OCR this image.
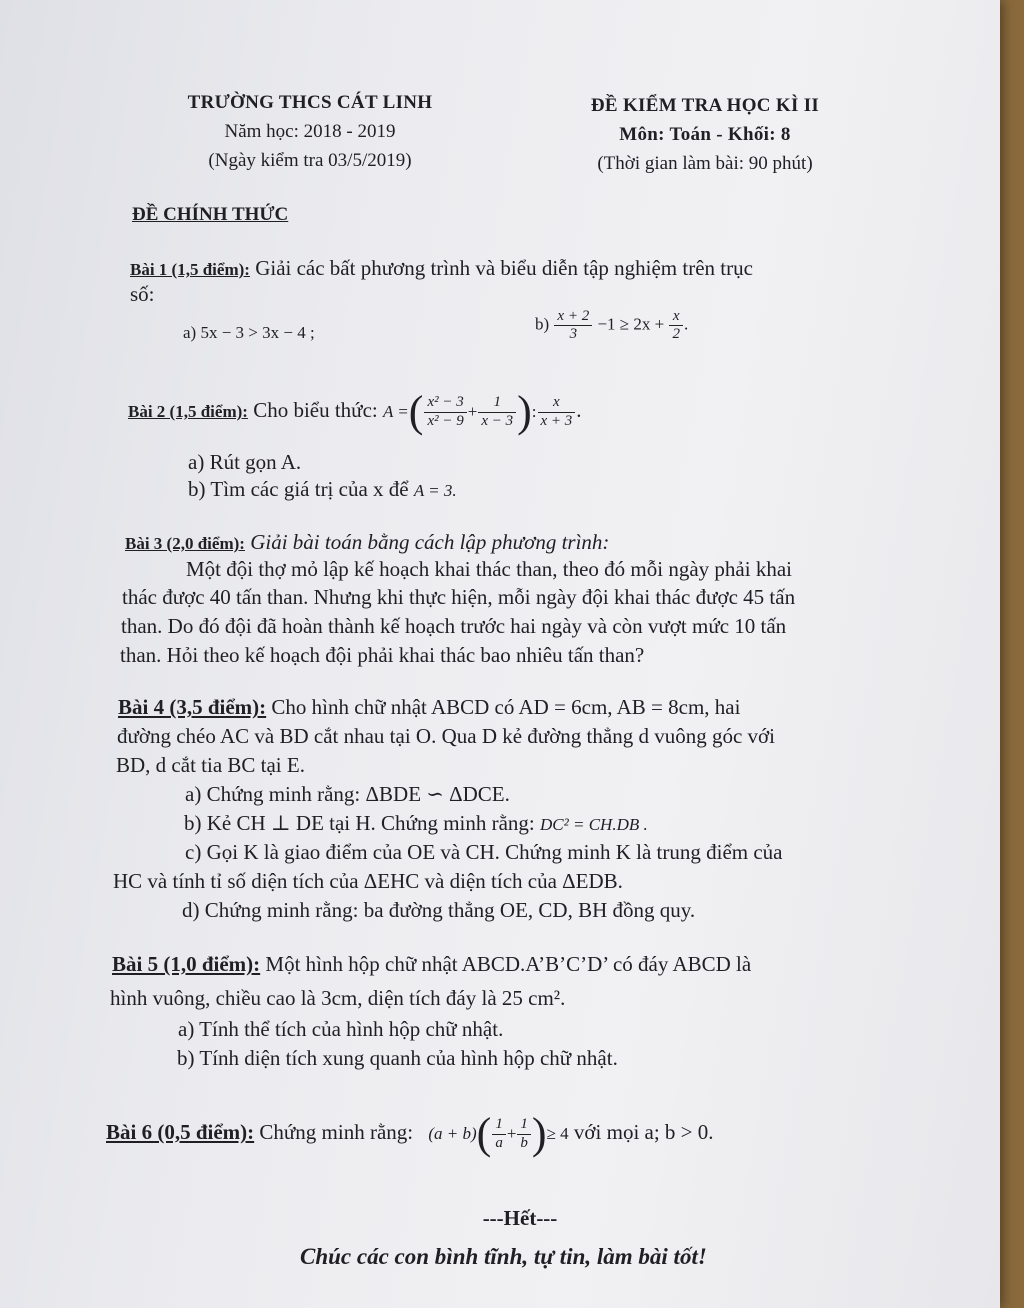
TRƯỜNG THCS CÁT LINH
Năm học: 2018 - 2019
(Ngày kiểm tra 03/5/2019)
ĐỀ KIỂM TRA HỌC KÌ II
Môn: Toán - Khối: 8
(Thời gian làm bài: 90 phút)
ĐỀ CHÍNH THỨC
Bài 1 (1,5 điểm): Giải các bất phương trình và biểu diễn tập nghiệm trên trục
số:
a) 5x − 3 > 3x − 4 ;	$b) \frac{x + 2}{3} -1 \ge 2x + \frac{x}{2}$ .
Bài 2 (1,5 điểm): Cho biểu thức: A =( $\frac{\text{x² − 3}}{\text{x² − 9}} + \frac{1}{x - 3}$ ): $\frac{x}{x + 3}$ .
a) Rút gọn A.
b) Tìm các giá trị của x để A = 3.
Bài 3 (2,0 điểm): Giải bài toán bằng cách lập phương trình:
Một đội thợ mỏ lập kế hoạch khai thác than, theo đó mỗi ngày phải khai
thác được 40 tấn than. Nhưng khi thực hiện, mỗi ngày đội khai thác được 45 tấn
than. Do đó đội đã hoàn thành kế hoạch trước hai ngày và còn vượt mức 10 tấn
than. Hỏi theo kế hoạch đội phải khai thác bao nhiêu tấn than?
Bài 4 (3,5 điểm): Cho hình chữ nhật ABCD có AD = 6cm, AB = 8cm, hai
đường chéo AC và BD cắt nhau tại O. Qua D kẻ đường thẳng d vuông góc với
BD, d cắt tia BC tại E.
a) Chứng minh rằng: ΔBDE ∽ ΔDCE.
b) Kẻ CH ⊥ DE tại H. Chứng minh rằng: DC² = CH.DB .
c) Gọi K là giao điểm của OE và CH. Chứng minh K là trung điểm của
HC và tính tỉ số diện tích của ΔEHC và diện tích của ΔEDB.
d) Chứng minh rằng: ba đường thẳng OE, CD, BH đồng quy.
Bài 5 (1,0 điểm): Một hình hộp chữ nhật ABCD.A’B’C’D’ có đáy ABCD là
hình vuông, chiều cao là 3cm, diện tích đáy là 25 cm².
a) Tính thể tích của hình hộp chữ nhật.
b) Tính diện tích xung quanh của hình hộp chữ nhật.
Bài 6 (0,5 điểm): Chứng minh rằng: $(a + b)( \frac{1}{a} + \frac{1}{b}$ )≥ 4 với mọi a; b > 0.
---Hết---
Chúc các con bình tĩnh, tự tin, làm bài tốt!
